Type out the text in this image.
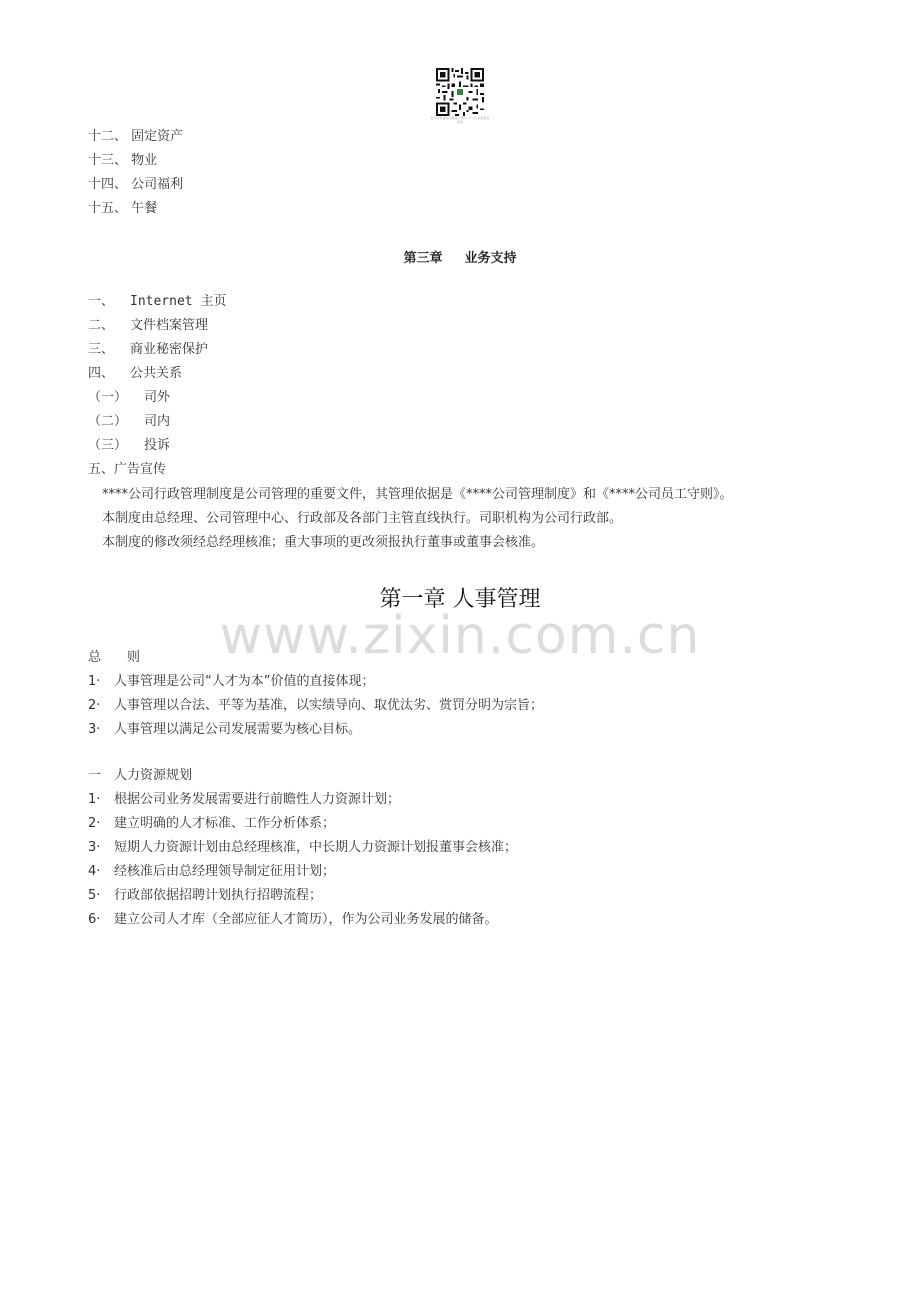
更多资料请关注微信公众号 扫一扫 获取更多资料
十二、 固定资产
十三、 物业
十四、 公司福利
十五、 午餐
第三章 业务支持
一、 Internet 主页
二、 文件档案管理
三、 商业秘密保护
四、 公共关系
（一） 司外
（二） 司内
（三） 投诉
五、广告宣传
****公司行政管理制度是公司管理的重要文件，其管理依据是《****公司管理制度》和《****公司员工守则》。
本制度由总经理、公司管理中心、行政部及各部门主管直线执行。司职机构为公司行政部。
本制度的修改须经总经理核准；重大事项的更改须报执行董事或董事会核准。
www.zixin.com.cn
第一章 人事管理
总　　则
1· 人事管理是公司“人才为本”价值的直接体现；
2· 人事管理以合法、平等为基准，以实绩导向、取优汰劣、赏罚分明为宗旨；
3· 人事管理以满足公司发展需要为核心目标。
一　人力资源规划
1· 根据公司业务发展需要进行前瞻性人力资源计划；
2· 建立明确的人才标准、工作分析体系；
3· 短期人力资源计划由总经理核准，中长期人力资源计划报董事会核准；
4· 经核准后由总经理领导制定征用计划；
5· 行政部依据招聘计划执行招聘流程；
6· 建立公司人才库（全部应征人才简历），作为公司业务发展的储备。
